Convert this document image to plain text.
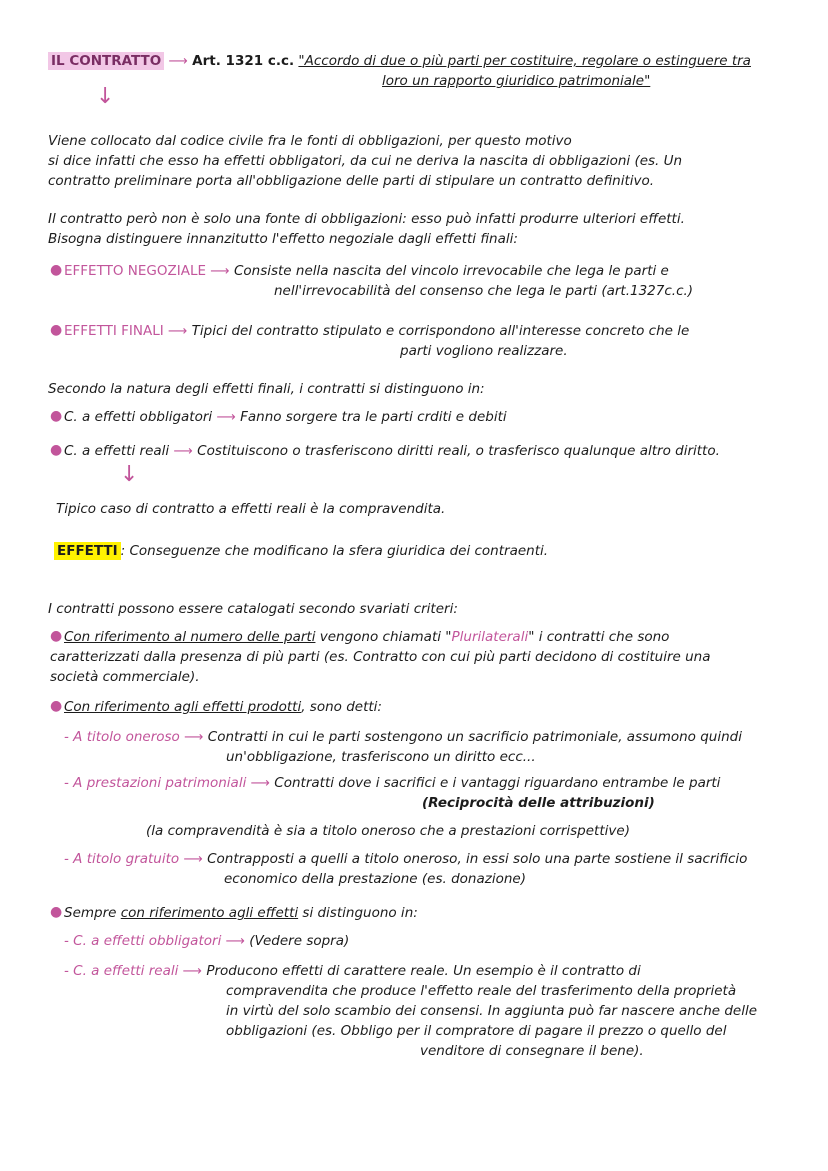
IL CONTRATTO ⟶ Art. 1321 c.c. "Accordo di due o più parti per costituire, regolare o estinguere tra
loro un rapporto giuridico patrimoniale"
↓
Viene collocato dal codice civile fra le fonti di obbligazioni, per questo motivo
si dice infatti che esso ha effetti obbligatori, da cui ne deriva la nascita di obbligazioni (es. Un
contratto preliminare porta all'obbligazione delle parti di stipulare un contratto definitivo.
Il contratto però non è solo una fonte di obbligazioni: esso può infatti produrre ulteriori effetti.
Bisogna distinguere innanzitutto l'effetto negoziale dagli effetti finali:
● EFFETTO NEGOZIALE ⟶ Consiste nella nascita del vincolo irrevocabile che lega le parti e
nell'irrevocabilità del consenso che lega le parti (art.1327c.c.)
● EFFETTI FINALI ⟶ Tipici del contratto stipulato e corrispondono all'interesse concreto che le
parti vogliono realizzare.
Secondo la natura degli effetti finali, i contratti si distinguono in:
● C. a effetti obbligatori ⟶ Fanno sorgere tra le parti crditi e debiti
● C. a effetti reali ⟶ Costituiscono o trasferiscono diritti reali, o trasferisco qualunque altro diritto.
↓
Tipico caso di contratto a effetti reali è la compravendita.
EFFETTI : Conseguenze che modificano la sfera giuridica dei contraenti.
I contratti possono essere catalogati secondo svariati criteri:
● Con riferimento al numero delle parti vengono chiamati "Plurilaterali" i contratti che sono
caratterizzati dalla presenza di più parti (es. Contratto con cui più parti decidono di costituire una
società commerciale).
● Con riferimento agli effetti prodotti, sono detti:
- A titolo oneroso ⟶ Contratti in cui le parti sostengono un sacrificio patrimoniale, assumono quindi
un'obbligazione, trasferiscono un diritto ecc...
- A prestazioni patrimoniali ⟶ Contratti dove i sacrifici e i vantaggi riguardano entrambe le parti
(Reciprocità delle attribuzioni)
(la compravendità è sia a titolo oneroso che a prestazioni corrispettive)
- A titolo gratuito ⟶ Contrapposti a quelli a titolo oneroso, in essi solo una parte sostiene il sacrificio
economico della prestazione (es. donazione)
● Sempre con riferimento agli effetti si distinguono in:
- C. a effetti obbligatori ⟶ (Vedere sopra)
- C. a effetti reali ⟶ Producono effetti di carattere reale. Un esempio è il contratto di
compravendita che produce l'effetto reale del trasferimento della proprietà
in virtù del solo scambio dei consensi. In aggiunta può far nascere anche delle
obbligazioni (es. Obbligo per il compratore di pagare il prezzo o quello del
venditore di consegnare il bene).
